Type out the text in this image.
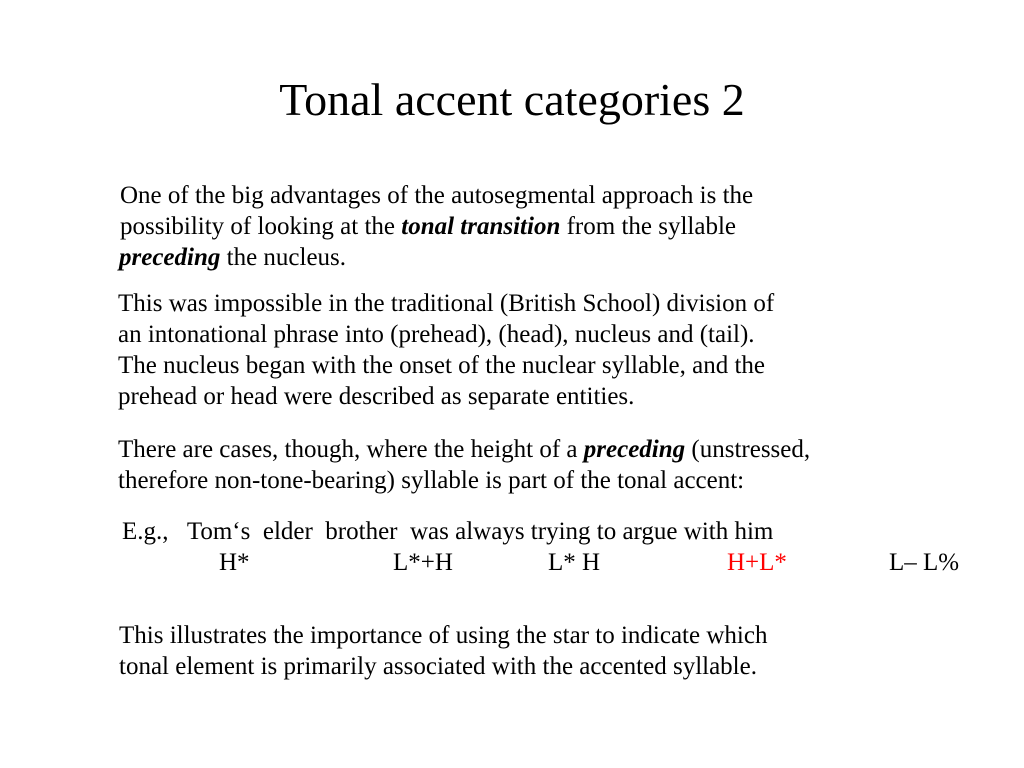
Tonal accent categories 2
One of the big advantages of the autosegmental approach is the
possibility of looking at the tonal transition from the syllable
preceding the nucleus.
This was impossible in the traditional (British School) division of
an intonational phrase into (prehead), (head), nucleus and (tail).
The nucleus began with the onset of the nuclear syllable, and the
prehead or head were described as separate entities.
There are cases, though, where the height of a preceding (unstressed,
therefore non-tone-bearing) syllable is part of the tonal accent:
E.g.,   Tom‘s  elder  brother  was always trying to argue with him
H*	L*+H	L* H	H+L*	L– L%
This illustrates the importance of using the star to indicate which
tonal element is primarily associated with the accented syllable.
